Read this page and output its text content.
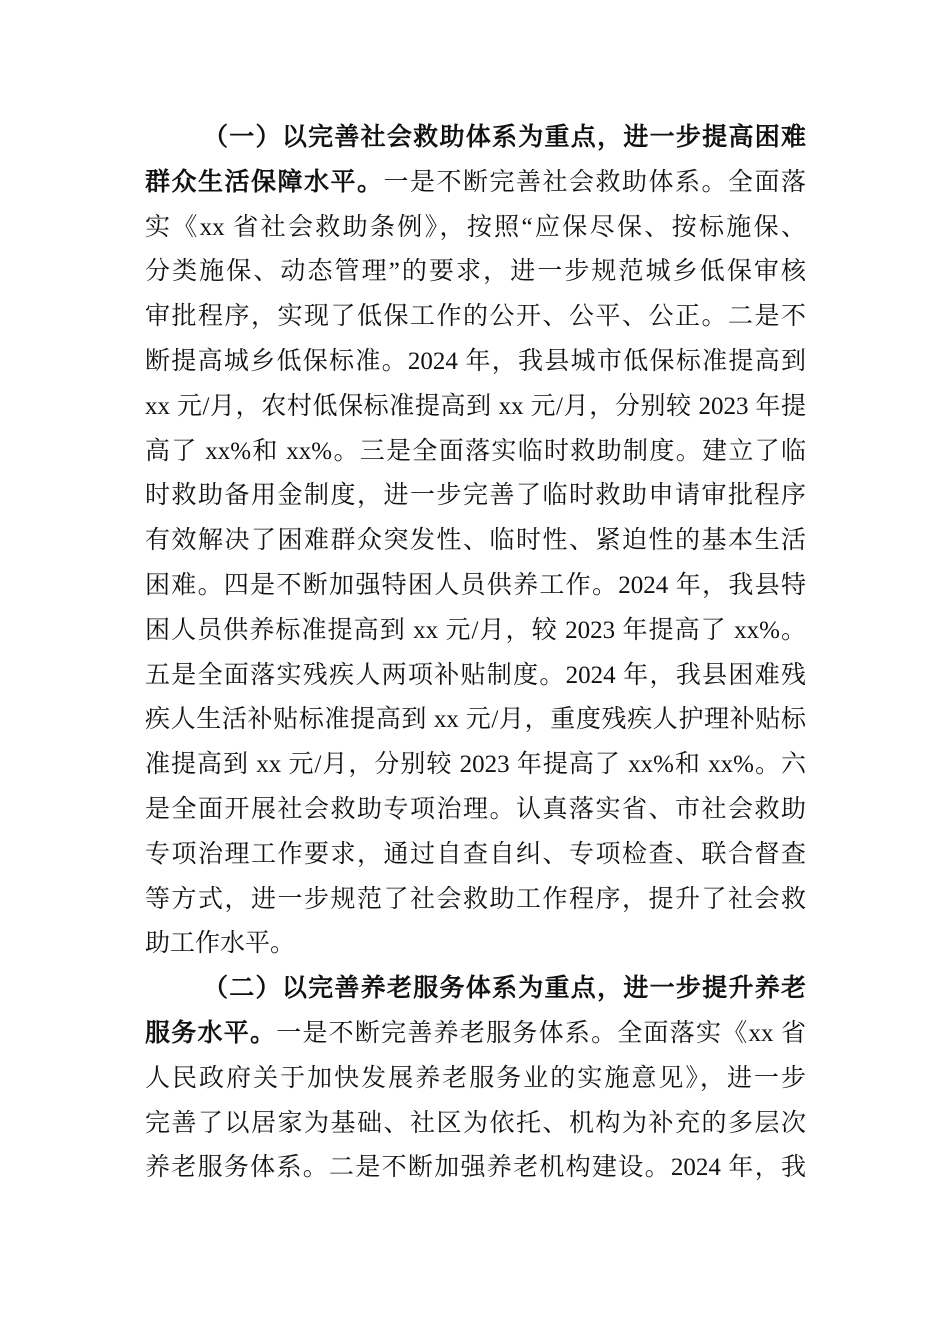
（一）以完善社会救助体系为重点，进一步提高困难
群众生活保障水平。一是不断完善社会救助体系。全面落
实《xx 省社会救助条例》，按照“应保尽保、按标施保、
分类施保、动态管理”的要求，进一步规范城乡低保审核
审批程序，实现了低保工作的公开、公平、公正。二是不
断提高城乡低保标准。2024 年，我县城市低保标准提高到
xx 元/月，农村低保标准提高到 xx 元/月，分别较 2023 年提
高了 xx%和 xx%。三是全面落实临时救助制度。建立了临
时救助备用金制度，进一步完善了临时救助申请审批程序
有效解决了困难群众突发性、临时性、紧迫性的基本生活
困难。四是不断加强特困人员供养工作。2024 年，我县特
困人员供养标准提高到 xx 元/月，较 2023 年提高了 xx%。
五是全面落实残疾人两项补贴制度。2024 年，我县困难残
疾人生活补贴标准提高到 xx 元/月，重度残疾人护理补贴标
准提高到 xx 元/月，分别较 2023 年提高了 xx%和 xx%。六
是全面开展社会救助专项治理。认真落实省、市社会救助
专项治理工作要求，通过自查自纠、专项检查、联合督查
等方式，进一步规范了社会救助工作程序，提升了社会救
助工作水平。
（二）以完善养老服务体系为重点，进一步提升养老
服务水平。一是不断完善养老服务体系。全面落实《xx 省
人民政府关于加快发展养老服务业的实施意见》，进一步
完善了以居家为基础、社区为依托、机构为补充的多层次
养老服务体系。二是不断加强养老机构建设。2024 年，我
